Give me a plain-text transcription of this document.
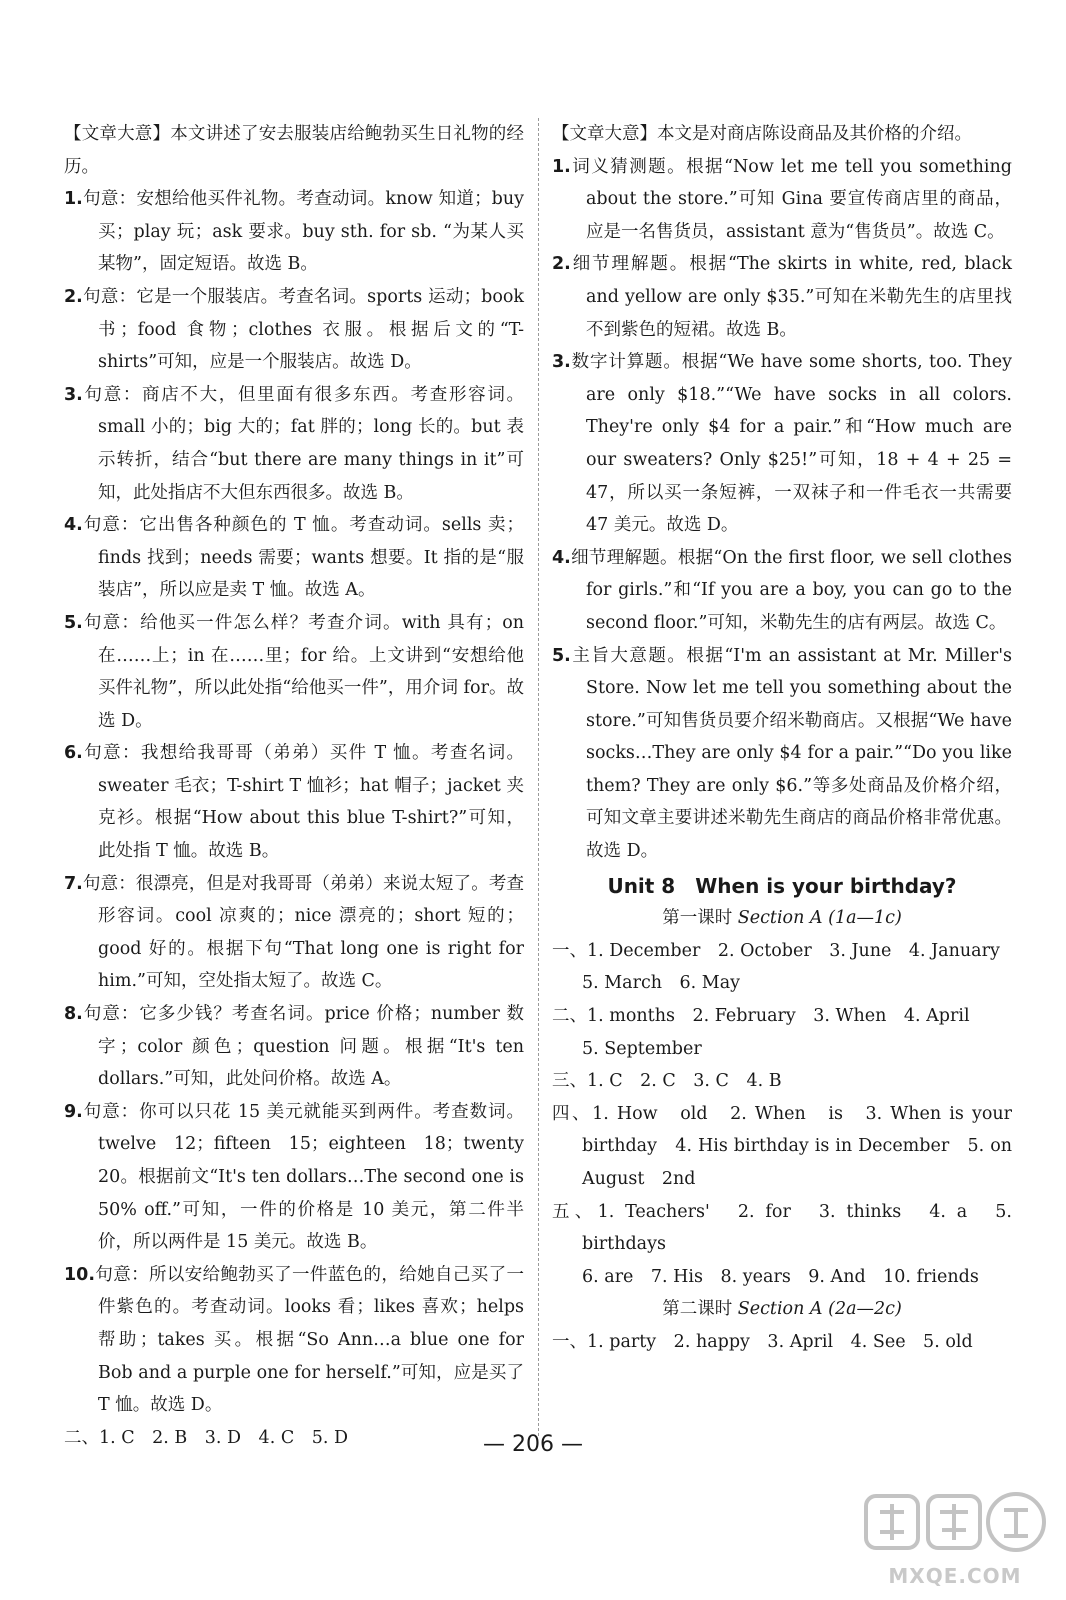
【文章大意】本文讲述了安去服装店给鲍勃买生日礼物的经历。

1.句意：安想给他买件礼物。考查动词。know 知道；buy 买；play 玩；ask 要求。buy sth. for sb. “为某人买某物”，固定短语。故选 B。

2.句意：它是一个服装店。考查名词。sports 运动；book 书；food 食物；clothes 衣服。根据后文的“T-shirts”可知，应是一个服装店。故选 D。

3.句意：商店不大，但里面有很多东西。考查形容词。small 小的；big 大的；fat 胖的；long 长的。but 表示转折，结合“but there are many things in it”可知，此处指店不大但东西很多。故选 B。

4.句意：它出售各种颜色的 T 恤。考查动词。sells 卖；finds 找到；needs 需要；wants 想要。It 指的是“服装店”，所以应是卖 T 恤。故选 A。

5.句意：给他买一件怎么样？考查介词。with 具有；on 在……上；in 在……里；for 给。上文讲到“安想给他买件礼物”，所以此处指“给他买一件”，用介词 for。故选 D。

6.句意：我想给我哥哥（弟弟）买件 T 恤。考查名词。sweater 毛衣；T-shirt T 恤衫；hat 帽子；jacket 夹克衫。根据“How about this blue T-shirt?”可知，此处指 T 恤。故选 B。

7.句意：很漂亮，但是对我哥哥（弟弟）来说太短了。考查形容词。cool 凉爽的；nice 漂亮的；short 短的；good 好的。根据下句“That long one is right for him.”可知，空处指太短了。故选 C。

8.句意：它多少钱？考查名词。price 价格；number 数字；color 颜色；question 问题。根据“It's ten dollars.”可知，此处问价格。故选 A。

9.句意：你可以只花 15 美元就能买到两件。考查数词。twelve 12；fifteen 15；eighteen 18；twenty 20。根据前文“It's ten dollars…The second one is 50% off.”可知，一件的价格是 10 美元，第二件半价，所以两件是 15 美元。故选 B。

10.句意：所以安给鲍勃买了一件蓝色的，给她自己买了一件紫色的。考查动词。looks 看；likes 喜欢；helps 帮助；takes 买。根据“So Ann…a blue one for Bob and a purple one for herself.”可知，应是买了 T 恤。故选 D。

二、1. C　2. B　3. D　4. C　5. D

【文章大意】本文是对商店陈设商品及其价格的介绍。

1.词义猜测题。根据“Now let me tell you something about the store.”可知 Gina 要宣传商店里的商品，应是一名售货员，assistant 意为“售货员”。故选 C。

2.细节理解题。根据“The skirts in white, red, black and yellow are only $35.”可知在米勒先生的店里找不到紫色的短裙。故选 B。

3.数字计算题。根据“We have some shorts, too. They are only $18.”“We have socks in all colors. They're only $4 for a pair.”和“How much are our sweaters? Only $25!”可知，18 + 4 + 25 = 47，所以买一条短裤，一双袜子和一件毛衣一共需要 47 美元。故选 D。

4.细节理解题。根据“On the first floor, we sell clothes for girls.”和“If you are a boy, you can go to the second floor.”可知，米勒先生的店有两层。故选 C。

5.主旨大意题。根据“I'm an assistant at Mr. Miller's Store. Now let me tell you something about the store.”可知售货员要介绍米勒商店。又根据“We have socks…They are only $4 for a pair.”“Do you like them? They are only $6.”等多处商品及价格介绍，可知文章主要讲述米勒先生商店的商品价格非常优惠。故选 D。

Unit 8　When is your birthday?

第一课时 Section A (1a—1c)

一、1. December　2. October　3. June　4. January

5. March　6. May

二、1. months　2. February　3. When　4. April

5. September

三、1. C　2. C　3. C　4. B

四、1. How　old　2. When　is　3. When is your birthday　4. His birthday is in December　5. on August　2nd

五、1. Teachers'　2. for　3. thinks　4. a　5. birthdays

6. are　7. His　8. years　9. And　10. friends

第二课时 Section A (2a—2c)

一、1. party　2. happy　3. April　4. See　5. old

— 206 —
MXQE.COM
